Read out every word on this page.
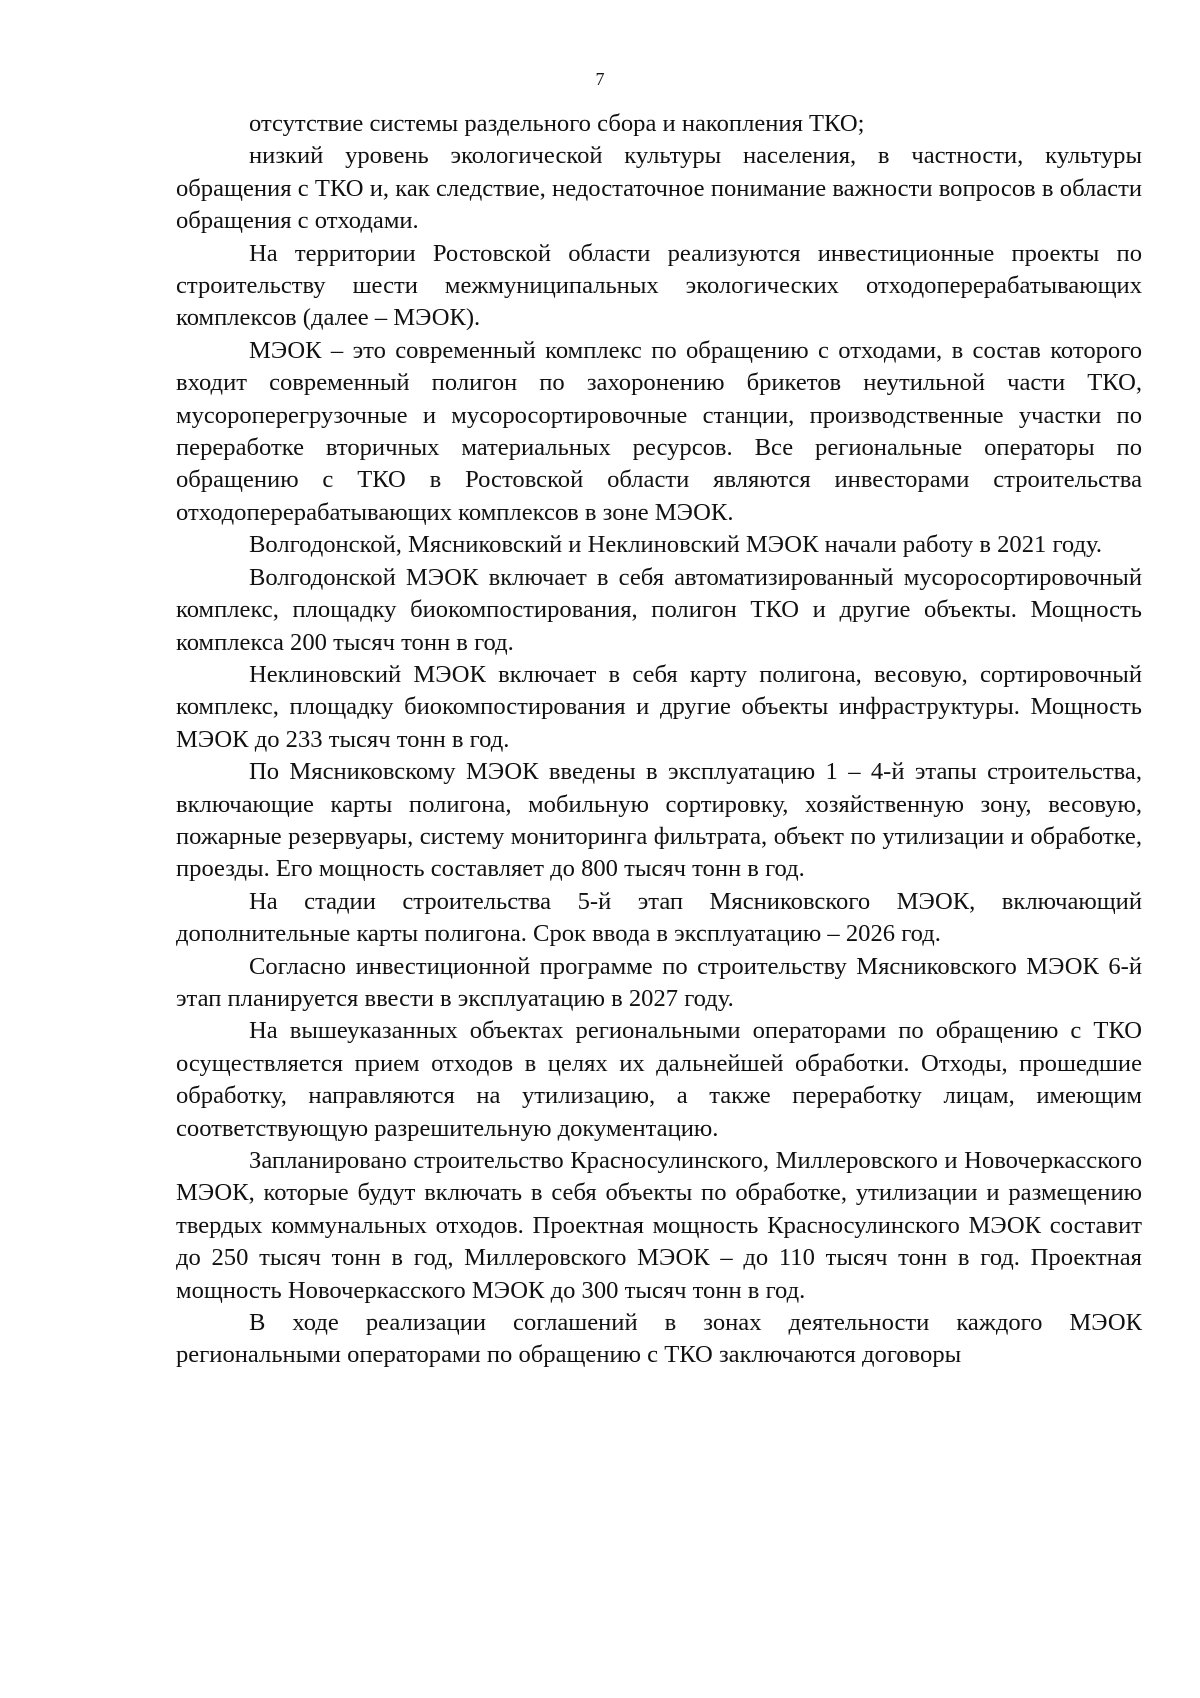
7

отсутствие системы раздельного сбора и накопления ТКО;

низкий уровень экологической культуры населения, в частности, культуры обращения с ТКО и, как следствие, недостаточное понимание важности вопросов в области обращения с отходами.

На территории Ростовской области реализуются инвестиционные проекты по строительству шести межмуниципальных экологических отходоперерабатывающих комплексов (далее – МЭОК).

МЭОК – это современный комплекс по обращению с отходами, в состав которого входит современный полигон по захоронению брикетов неутильной части ТКО, мусороперегрузочные и мусоросортировочные станции, производственные участки по переработке вторичных материальных ресурсов. Все региональные операторы по обращению с ТКО в Ростовской области являются инвесторами строительства отходоперерабатывающих комплексов в зоне МЭОК.

Волгодонской, Мясниковский и Неклиновский МЭОК начали работу в 2021 году.

Волгодонской МЭОК включает в себя автоматизированный мусоросортировочный комплекс, площадку биокомпостирования, полигон ТКО и другие объекты. Мощность комплекса 200 тысяч тонн в год.

Неклиновский МЭОК включает в себя карту полигона, весовую, сортировочный комплекс, площадку биокомпостирования и другие объекты инфраструктуры. Мощность МЭОК до 233 тысяч тонн в год.

По Мясниковскому МЭОК введены в эксплуатацию 1 – 4-й этапы строительства, включающие карты полигона, мобильную сортировку, хозяйственную зону, весовую, пожарные резервуары, систему мониторинга фильтрата, объект по утилизации и обработке, проезды. Его мощность составляет до 800 тысяч тонн в год.

На стадии строительства 5-й этап Мясниковского МЭОК, включающий дополнительные карты полигона. Срок ввода в эксплуатацию – 2026 год.

Согласно инвестиционной программе по строительству Мясниковского МЭОК 6-й этап планируется ввести в эксплуатацию в 2027 году.

На вышеуказанных объектах региональными операторами по обращению с ТКО осуществляется прием отходов в целях их дальнейшей обработки. Отходы, прошедшие обработку, направляются на утилизацию, а также переработку лицам, имеющим соответствующую разрешительную документацию.

Запланировано строительство Красносулинского, Миллеровского и Новочеркасского МЭОК, которые будут включать в себя объекты по обработке, утилизации и размещению твердых коммунальных отходов. Проектная мощность Красносулинского МЭОК составит до 250 тысяч тонн в год, Миллеровского МЭОК – до 110 тысяч тонн в год. Проектная мощность Новочеркасского МЭОК до 300 тысяч тонн в год.

В ходе реализации соглашений в зонах деятельности каждого МЭОК региональными операторами по обращению с ТКО заключаются договоры
